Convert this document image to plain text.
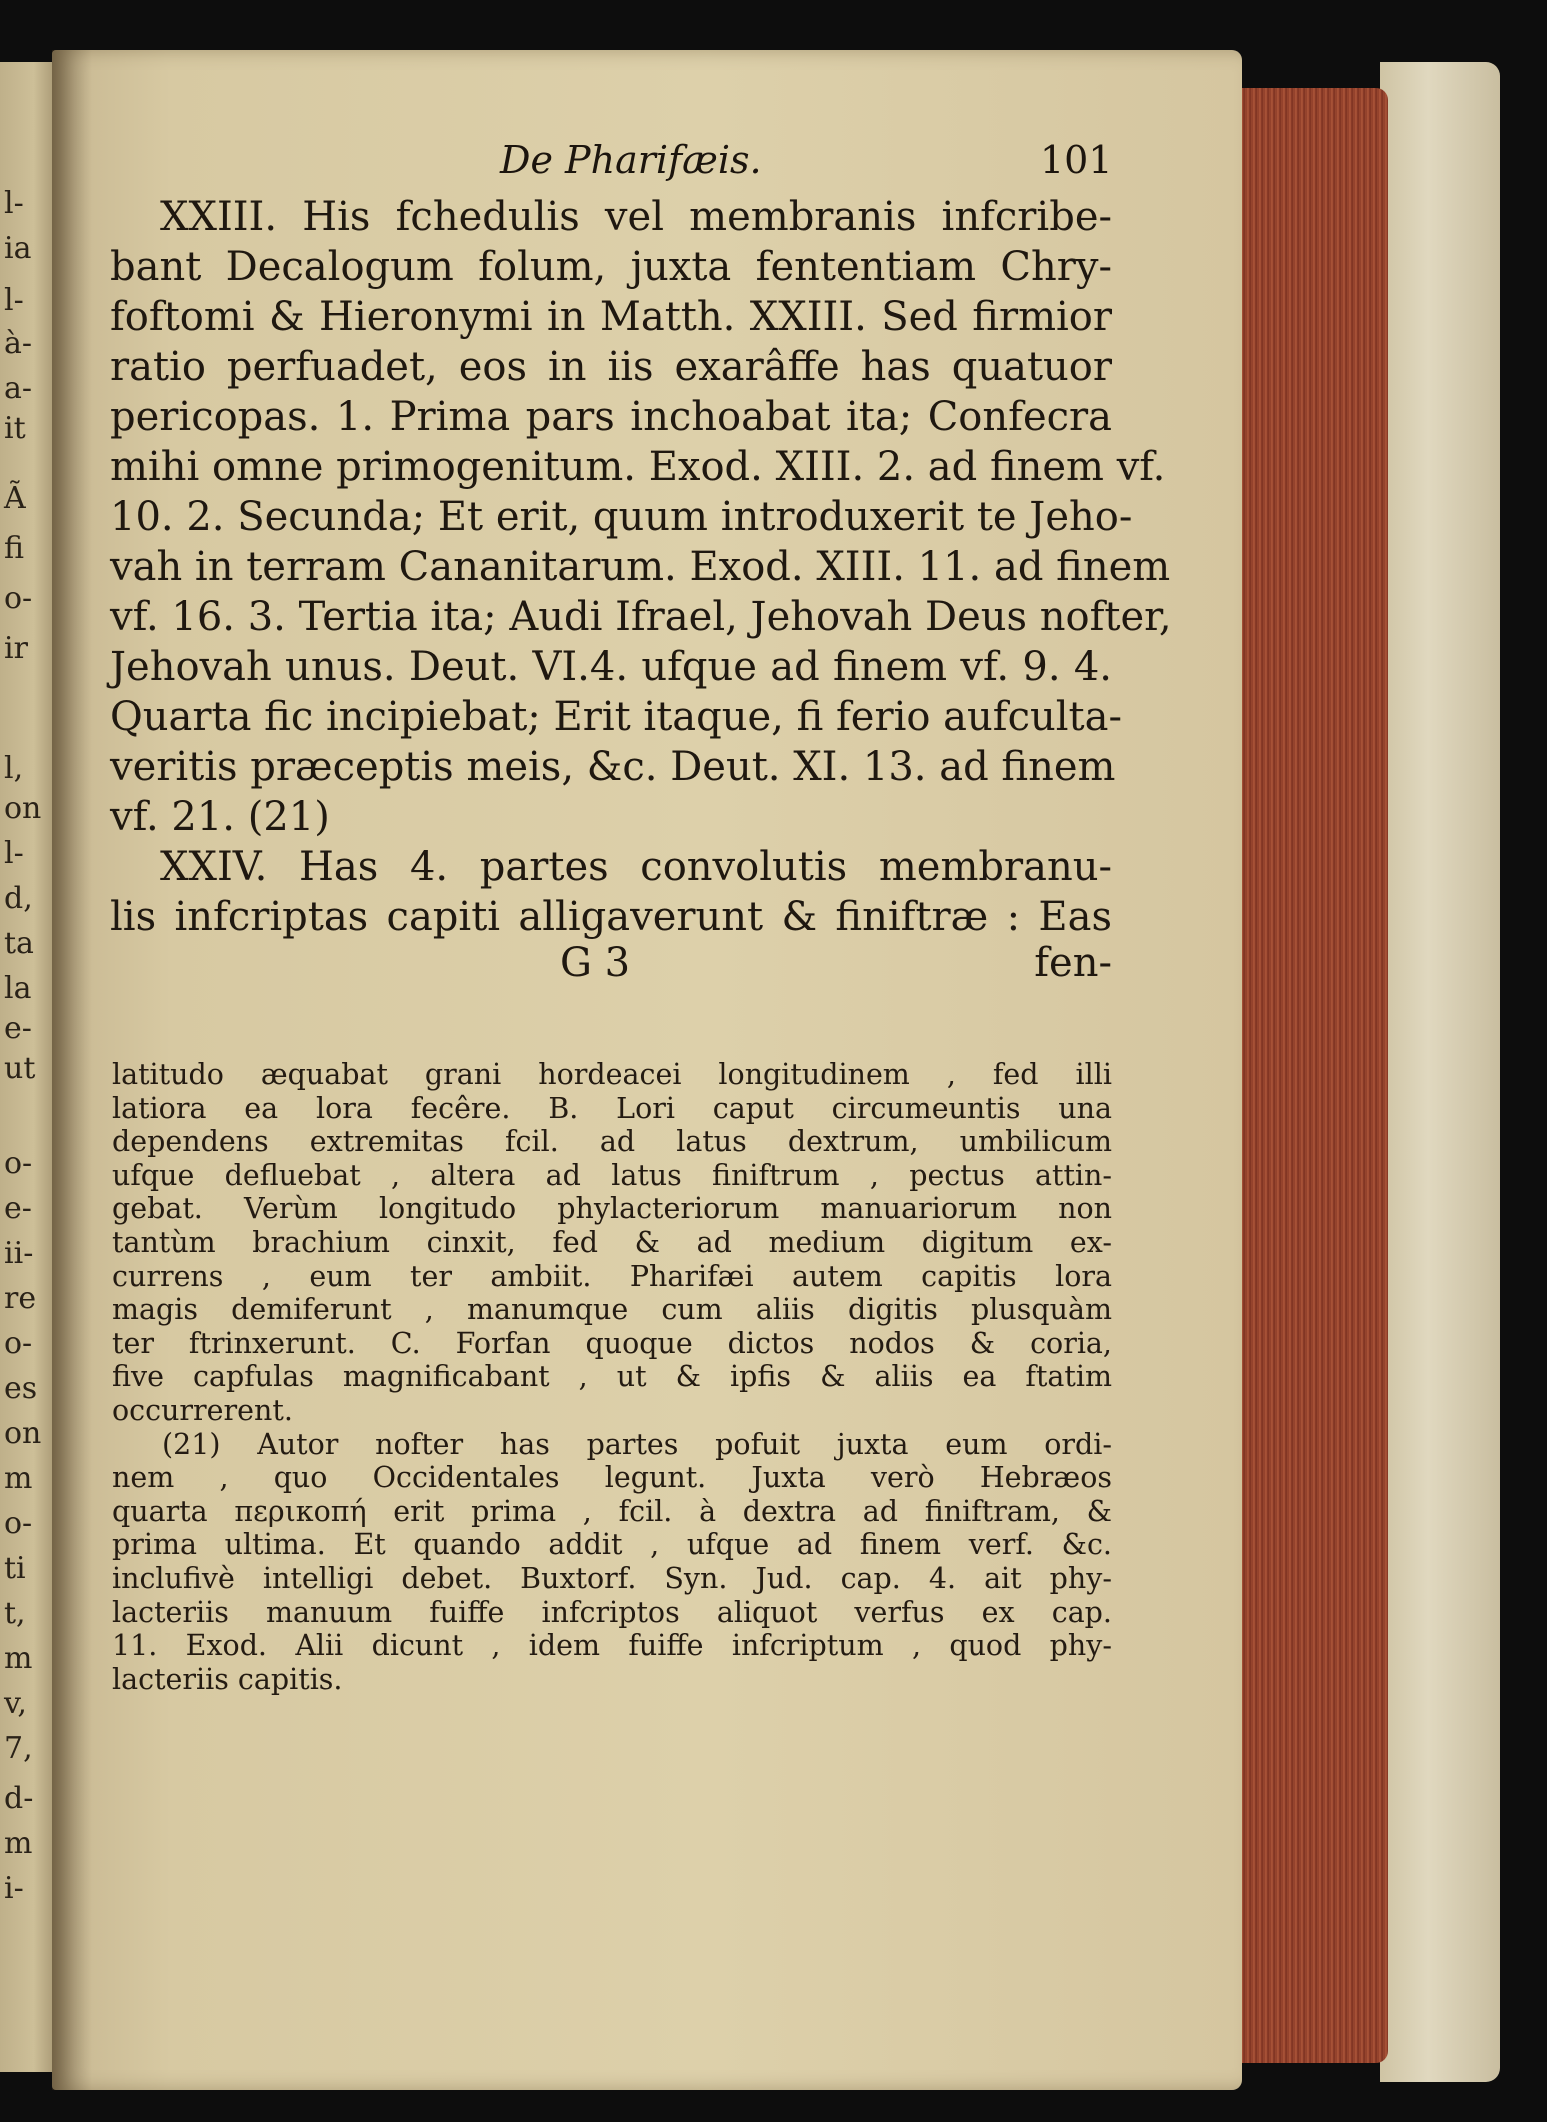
l-
ia
l-
à-
a-
it
Ã
fi
o-
ir
l,
on
l-
d,
ta
la
e-
ut
o-
e-
ii-
re
o-
es
on
m
o-
ti
t,
m
v,
7,
d-
m
i-
De Pharifæis.	101
XXIII. His fchedulis vel membranis infcribe-
bant Decalogum folum, juxta fententiam Chry-
foftomi & Hieronymi in Matth. XXIII. Sed firmior
ratio perfuadet, eos in iis exarâffe has quatuor
pericopas. 1. Prima pars inchoabat ita; Confecra
mihi omne primogenitum. Exod. XIII. 2. ad finem vf.
10. 2. Secunda; Et erit, quum introduxerit te Jeho-
vah in terram Cananitarum. Exod. XIII. 11. ad finem
vf. 16. 3. Tertia ita; Audi Ifrael, Jehovah Deus nofter,
Jehovah unus. Deut. VI.4. ufque ad finem vf. 9. 4.
Quarta fic incipiebat; Erit itaque, fi ferio aufculta-
veritis præceptis meis, &c. Deut. XI. 13. ad finem
vf. 21. (21)
XXIV. Has 4. partes convolutis membranu-
lis infcriptas capiti alligaverunt & finiftræ : Eas
G 3	fen-
latitudo æquabat grani hordeacei longitudinem , fed illi
latiora ea lora fecêre. B. Lori caput circumeuntis una
dependens extremitas fcil. ad latus dextrum, umbilicum
ufque defluebat , altera ad latus finiftrum , pectus attin-
gebat. Verùm longitudo phylacteriorum manuariorum non
tantùm brachium cinxit, fed & ad medium digitum ex-
currens , eum ter ambiit. Pharifæi autem capitis lora
magis demiferunt , manumque cum aliis digitis plusquàm
ter ftrinxerunt. C. Forfan quoque dictos nodos & coria,
five capfulas magnificabant , ut & ipfis & aliis ea ftatim
occurrerent.
(21) Autor nofter has partes pofuit juxta eum ordi-
nem , quo Occidentales legunt. Juxta verò Hebræos
quarta περικοπή erit prima , fcil. à dextra ad finiftram, &
prima ultima. Et quando addit , ufque ad finem verf. &c.
inclufivè intelligi debet. Buxtorf. Syn. Jud. cap. 4. ait phy-
lacteriis manuum fuiffe infcriptos aliquot verfus ex cap.
11. Exod. Alii dicunt , idem fuiffe infcriptum , quod phy-
lacteriis capitis.
